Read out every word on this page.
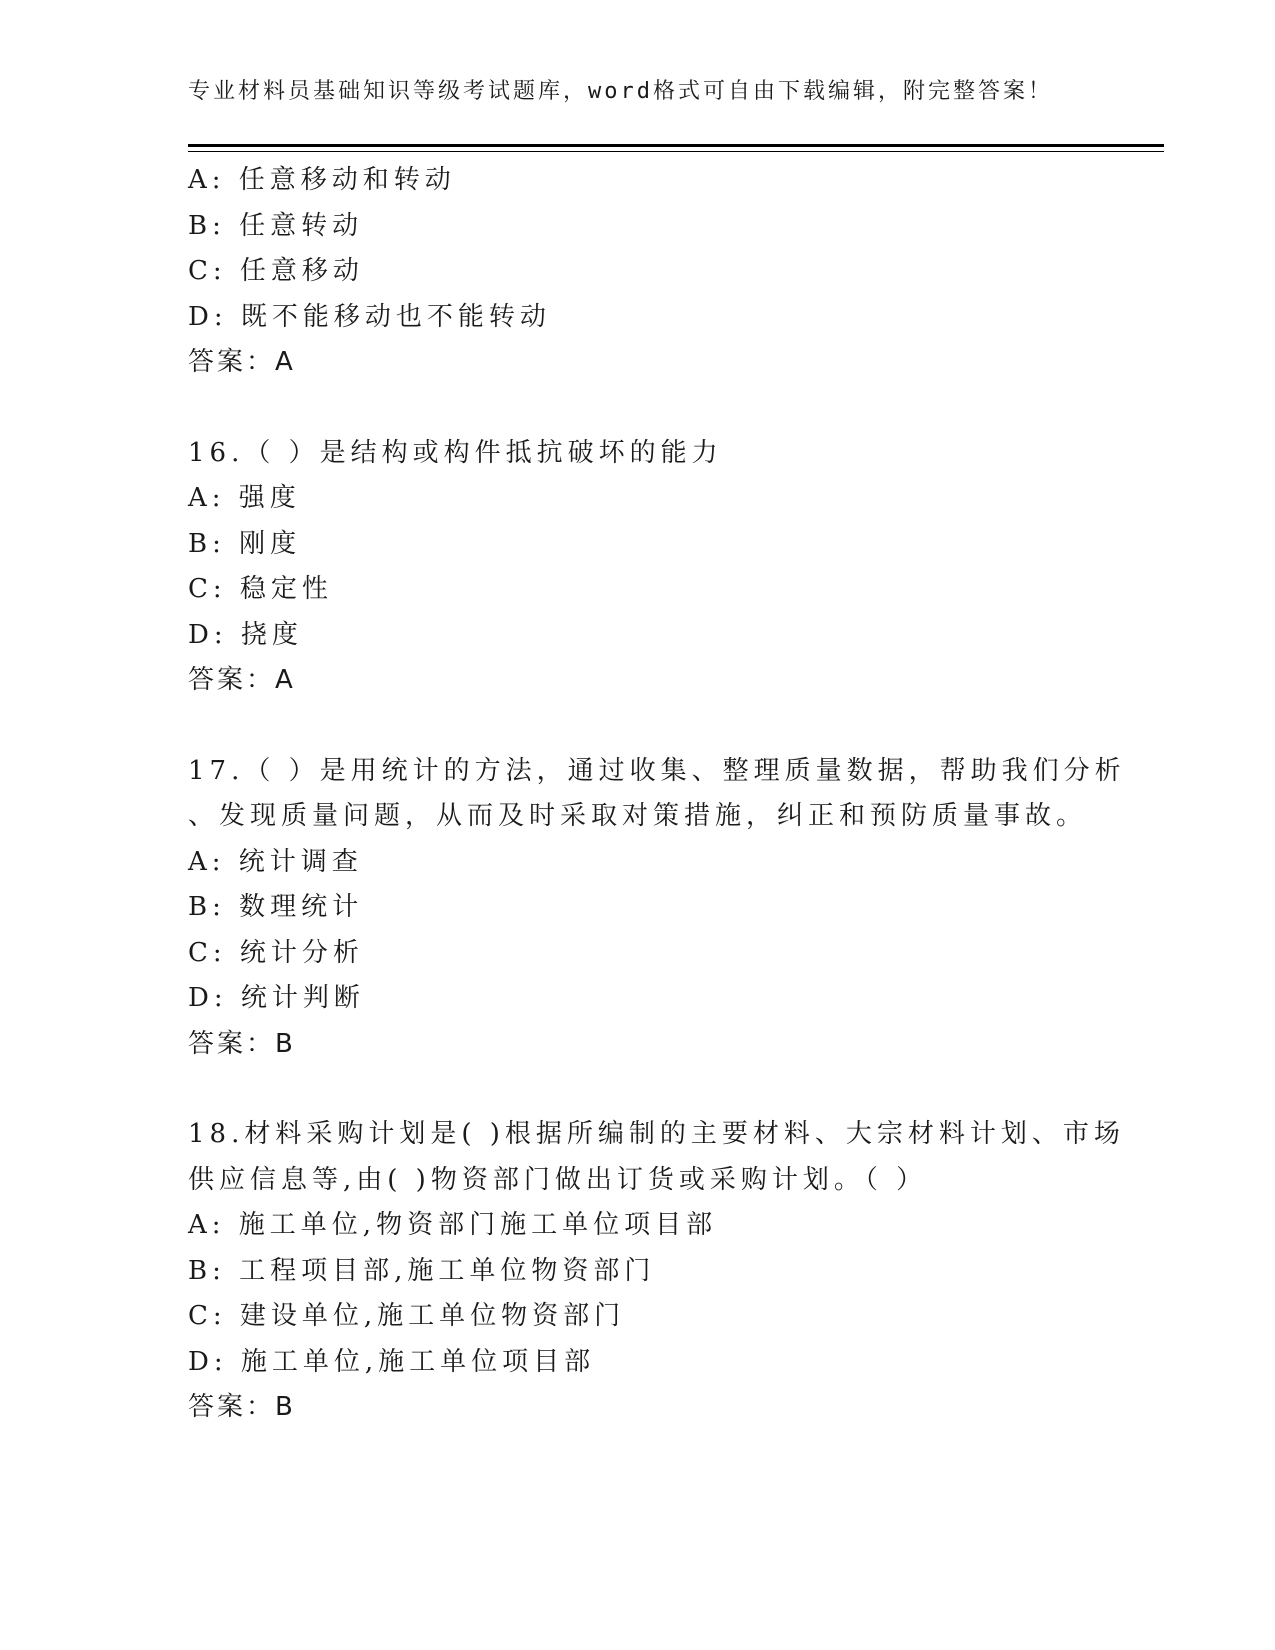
专业材料员基础知识等级考试题库，word格式可自由下载编辑，附完整答案！
A: 任意移动和转动
B: 任意转动
C: 任意移动
D: 既不能移动也不能转动
答案：A
16.（ ）是结构或构件抵抗破坏的能力
A: 强度
B: 刚度
C: 稳定性
D: 挠度
答案：A
17.（ ）是用统计的方法，通过收集、整理质量数据，帮助我们分析
、发现质量问题，从而及时采取对策措施，纠正和预防质量事故。
A: 统计调查
B: 数理统计
C: 统计分析
D: 统计判断
答案：B
18.材料采购计划是( )根据所编制的主要材料、大宗材料计划、市场
供应信息等,由( )物资部门做出订货或采购计划。（ ）
A: 施工单位,物资部门施工单位项目部
B: 工程项目部,施工单位物资部门
C: 建设单位,施工单位物资部门
D: 施工单位,施工单位项目部
答案：B
